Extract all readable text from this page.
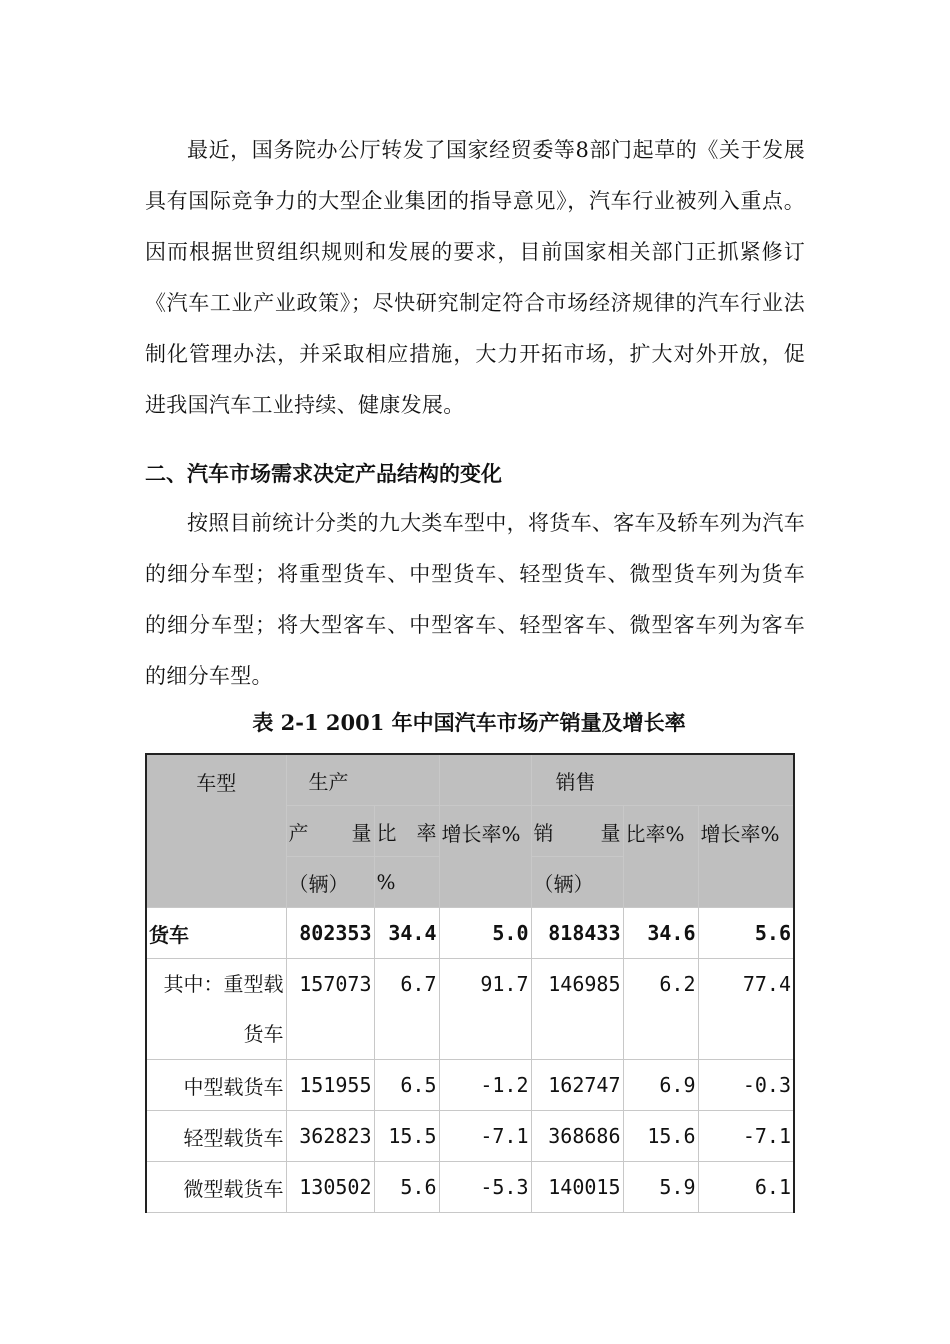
最近，国务院办公厅转发了国家经贸委等8部门起草的《关于发展具有国际竞争力的大型企业集团的指导意见》，汽车行业被列入重点。因而根据世贸组织规则和发展的要求，目前国家相关部门正抓紧修订《汽车工业产业政策》；尽快研究制定符合市场经济规律的汽车行业法制化管理办法，并采取相应措施，大力开拓市场，扩大对外开放，促进我国汽车工业持续、健康发展。

二、汽车市场需求决定产品结构的变化

按照目前统计分类的九大类车型中，将货车、客车及轿车列为汽车的细分车型；将重型货车、中型货车、轻型货车、微型货车列为货车的细分车型；将大型客车、中型客车、轻型客车、微型客车列为客车的细分车型。

表 2-1 2001 年中国汽车市场产销量及增长率
车型	生产			销售		

	产 量	比 率	增长率%	销 量	比率%	增长率%
	（辆）	%		（辆）		
货车	802353	34.4	5.0	818433	34.6	5.6

其中：重型载
货车	157073	6.7	91.7	146985	6.2	77.4

中型载货车	151955	6.5	-1.2	162747	6.9	-0.3
轻型载货车	362823	15.5	-7.1	368686	15.6	-7.1
微型载货车	130502	5.6	-5.3	140015	5.9	6.1
